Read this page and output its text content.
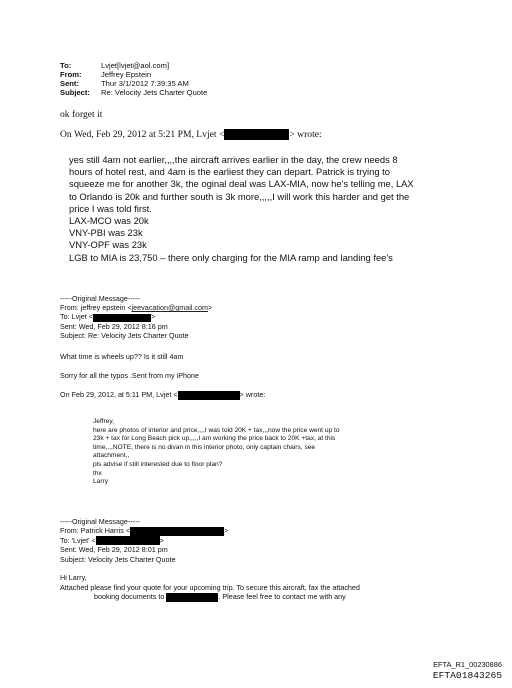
To:	Lvjet[lvjet@aol.com]
From:	Jeffrey Epstein
Sent:	Thur 3/1/2012 7:39:35 AM
Subject: Re: Velocity Jets Charter Quote
ok forget it
On Wed, Feb 29, 2012 at 5:21 PM, Lvjet <	> wrote:
yes still 4am not earlier,,,,the aircraft arrives earlier in the day, the crew needs 8
hours of hotel rest, and 4am is the earliest they can depart. Patrick is trying to
squeeze me for another 3k, the oginal deal was LAX-MIA, now he's telling me, LAX
to Orlando is 20k and further south is 3k more,,,,,I will work this harder and get the
price I was told first.
LAX-MCO was 20k
VNY-PBI was 23k
VNY-OPF was 23k
LGB to MIA is 23,750 – there only charging for the MIA ramp and landing fee's
-----Original Message-----
From: jeffrey epstein <jeevacation@gmail.com>
To: Lvjet <	>
Sent: Wed, Feb 29, 2012 8:16 pm
Subject: Re: Velocity Jets Charter Quote
What time is wheels up?? Is it still 4am
Sorry for all the typos .Sent from my iPhone
On Feb 29, 2012, at 5:11 PM, Lvjet <	> wrote:
Jeffrey,
here are photos of interior and price,,,,I was told 20K + tax,,,now the price went up to
23k + tax for Long Beach pick up,,,,,I am working the price back to 20K +tax, at this
time,,,,NOTE, there is no divan in this interior photo, only captain chairs, see
attachment,,
pls advise if still interested due to floor plan?
thx
Larry
-----Original Message-----
From: Patrick Harris <	>
To: 'Lvjet' <	>
Sent: Wed, Feb 29, 2012 8:01 pm
Subject: Velocity Jets Charter Quote
Hi Larry,
Attached please find your quote for your upcoming trip. To secure this aircraft, fax the attached
booking documents to	. Please feel free to contact me with any
EFTA_R1_00230886
EFTA01843265
